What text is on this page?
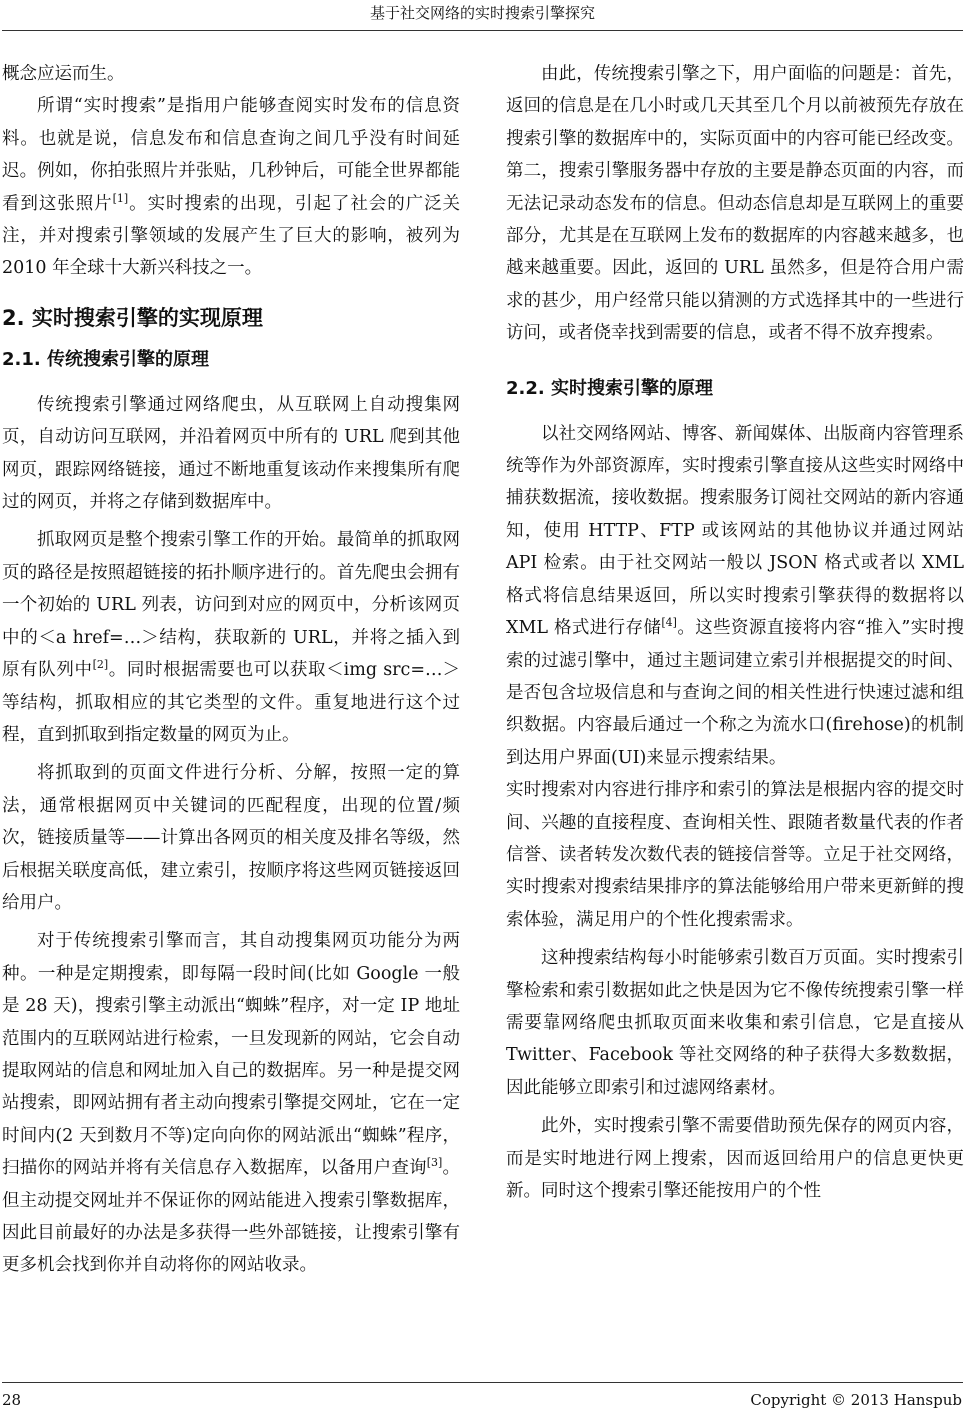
基于社交网络的实时搜索引擎探究

概念应运而生。

所谓“实时搜索”是指用户能够查阅实时发布的信息资料。也就是说，信息发布和信息查询之间几乎没有时间延迟。例如，你拍张照片并张贴，几秒钟后，可能全世界都能看到这张照片[1]。实时搜索的出现，引起了社会的广泛关注，并对搜索引擎领域的发展产生了巨大的影响，被列为 2010 年全球十大新兴科技之一。

2. 实时搜索引擎的实现原理
2.1. 传统搜索引擎的原理

传统搜索引擎通过网络爬虫，从互联网上自动搜集网页，自动访问互联网，并沿着网页中所有的 URL 爬到其他网页，跟踪网络链接，通过不断地重复该动作来搜集所有爬过的网页，并将之存储到数据库中。

抓取网页是整个搜索引擎工作的开始。最简单的抓取网页的路径是按照超链接的拓扑顺序进行的。首先爬虫会拥有一个初始的 URL 列表，访问到对应的网页中，分析该网页中的＜a href=…＞结构，获取新的 URL，并将之插入到原有队列中[2]。同时根据需要也可以获取＜img src=…＞等结构，抓取相应的其它类型的文件。重复地进行这个过程，直到抓取到指定数量的网页为止。

将抓取到的页面文件进行分析、分解，按照一定的算法，通常根据网页中关键词的匹配程度，出现的位置/频次，链接质量等——计算出各网页的相关度及排名等级，然后根据关联度高低，建立索引，按顺序将这些网页链接返回给用户。

对于传统搜索引擎而言，其自动搜集网页功能分为两种。一种是定期搜索，即每隔一段时间(比如 Google 一般是 28 天)，搜索引擎主动派出“蜘蛛”程序，对一定 IP 地址范围内的互联网站进行检索，一旦发现新的网站，它会自动提取网站的信息和网址加入自己的数据库。另一种是提交网站搜索，即网站拥有者主动向搜索引擎提交网址，它在一定时间内(2 天到数月不等)定向向你的网站派出“蜘蛛”程序，扫描你的网站并将有关信息存入数据库，以备用户查询[3]。但主动提交网址并不保证你的网站能进入搜索引擎数据库，因此目前最好的办法是多获得一些外部链接，让搜索引擎有更多机会找到你并自动将你的网站收录。

由此，传统搜索引擎之下，用户面临的问题是：首先，返回的信息是在几小时或几天其至几个月以前被预先存放在搜索引擎的数据库中的，实际页面中的内容可能已经改变。第二，搜索引擎服务器中存放的主要是静态页面的内容，而无法记录动态发布的信息。但动态信息却是互联网上的重要部分，尤其是在互联网上发布的数据库的内容越来越多，也越来越重要。因此，返回的 URL 虽然多，但是符合用户需求的甚少，用户经常只能以猜测的方式选择其中的一些进行访问，或者侥幸找到需要的信息，或者不得不放弃搜索。

2.2. 实时搜索引擎的原理

以社交网络网站、博客、新闻媒体、出版商内容管理系统等作为外部资源库，实时搜索引擎直接从这些实时网络中捕获数据流，接收数据。搜索服务订阅社交网站的新内容通知，使用 HTTP、FTP 或该网站的其他协议并通过网站 API 检索。由于社交网站一般以 JSON 格式或者以 XML 格式将信息结果返回，所以实时搜索引擎获得的数据将以 XML 格式进行存储[4]。这些资源直接将内容“推入”实时搜索的过滤引擎中，通过主题词建立索引并根据提交的时间、是否包含垃圾信息和与查询之间的相关性进行快速过滤和组织数据。内容最后通过一个称之为流水口(firehose)的机制到达用户界面(UI)来显示搜索结果。

实时搜索对内容进行排序和索引的算法是根据内容的提交时间、兴趣的直接程度、查询相关性、跟随者数量代表的作者信誉、读者转发次数代表的链接信誉等。立足于社交网络，实时搜索对搜索结果排序的算法能够给用户带来更新鲜的搜索体验，满足用户的个性化搜索需求。

这种搜索结构每小时能够索引数百万页面。实时搜索引擎检索和索引数据如此之快是因为它不像传统搜索引擎一样需要靠网络爬虫抓取页面来收集和索引信息，它是直接从 Twitter、Facebook 等社交网络的种子获得大多数数据，因此能够立即索引和过滤网络素材。

此外，实时搜索引擎不需要借助预先保存的网页内容，而是实时地进行网上搜索，因而返回给用户的信息更快更新。同时这个搜索引擎还能按用户的个性

28	Copyright © 2013 Hanspub
